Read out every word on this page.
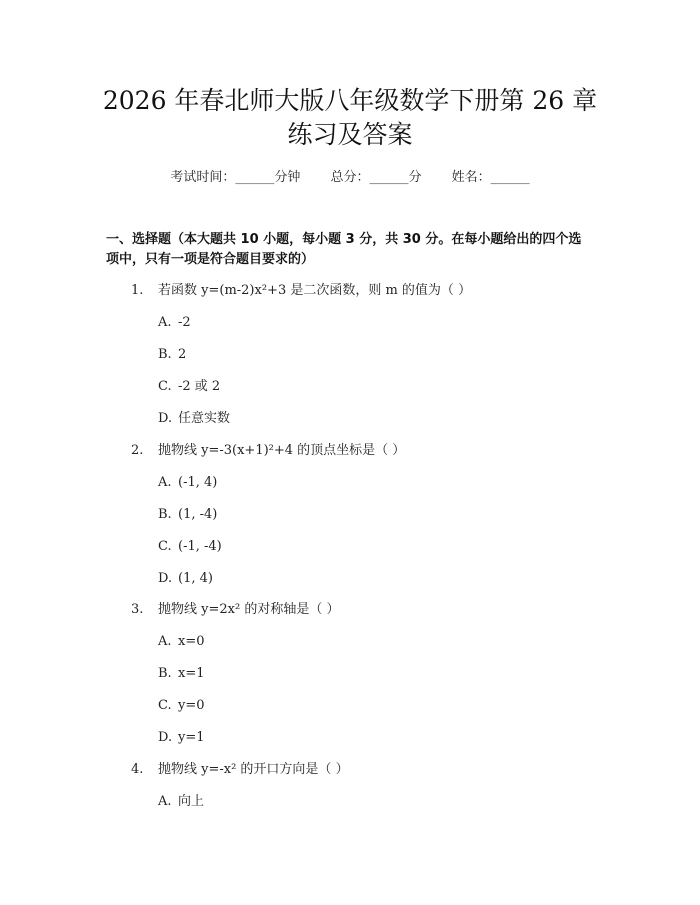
2026 年春北师大版八年级数学下册第 26 章
练习及答案
考试时间：______分钟 总分：______分 姓名：______
一、选择题（本大题共 10 小题，每小题 3 分，共 30 分。在每小题给出的四个选
项中，只有一项是符合题目要求的）
1. 若函数 y=(m-2)x²+3 是二次函数，则 m 的值为（ ）
A. -2
B. 2
C. -2 或 2
D. 任意实数
2. 抛物线 y=-3(x+1)²+4 的顶点坐标是（ ）
A. (-1, 4)
B. (1, -4)
C. (-1, -4)
D. (1, 4)
3. 抛物线 y=2x² 的对称轴是（ ）
A. x=0
B. x=1
C. y=0
D. y=1
4. 抛物线 y=-x² 的开口方向是（ ）
A. 向上
